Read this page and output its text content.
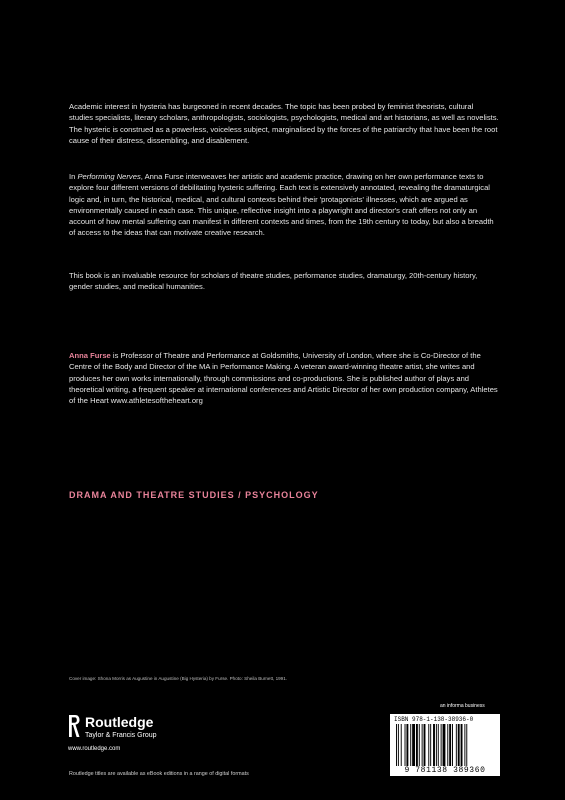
Academic interest in hysteria has burgeoned in recent decades. The topic has been probed by feminist theorists, cultural studies specialists, literary scholars, anthropologists, sociologists, psychologists, medical and art historians, as well as novelists. The hysteric is construed as a powerless, voiceless subject, marginalised by the forces of the patriarchy that have been the root cause of their distress, dissembling, and disablement.
In Performing Nerves, Anna Furse interweaves her artistic and academic practice, drawing on her own performance texts to explore four different versions of debilitating hysteric suffering. Each text is extensively annotated, revealing the dramaturgical logic and, in turn, the historical, medical, and cultural contexts behind their 'protagonists' illnesses, which are argued as environmentally caused in each case. This unique, reflective insight into a playwright and director's craft offers not only an account of how mental suffering can manifest in different contexts and times, from the 19th century to today, but also a breadth of access to the ideas that can motivate creative research.
This book is an invaluable resource for scholars of theatre studies, performance studies, dramaturgy, 20th-century history, gender studies, and medical humanities.
Anna Furse is Professor of Theatre and Performance at Goldsmiths, University of London, where she is Co-Director of the Centre of the Body and Director of the MA in Performance Making. A veteran award-winning theatre artist, she writes and produces her own works internationally, through commissions and co-productions. She is published author of plays and theoretical writing, a frequent speaker at international conferences and Artistic Director of her own production company, Athletes of the Heart www.athletesoftheheart.org
DRAMA AND THEATRE STUDIES / PSYCHOLOGY
Cover image: Shona Morris as Augustine in Augustine (Big Hysteria) by Furse. Photo: Sheila Burnett, 1991.
Routledge
Taylor & Francis Group
www.routledge.com
Routledge titles are available as eBook editions in a range of digital formats
an informa business
ISBN 978-1-138-38936-0
9 781138 389360
